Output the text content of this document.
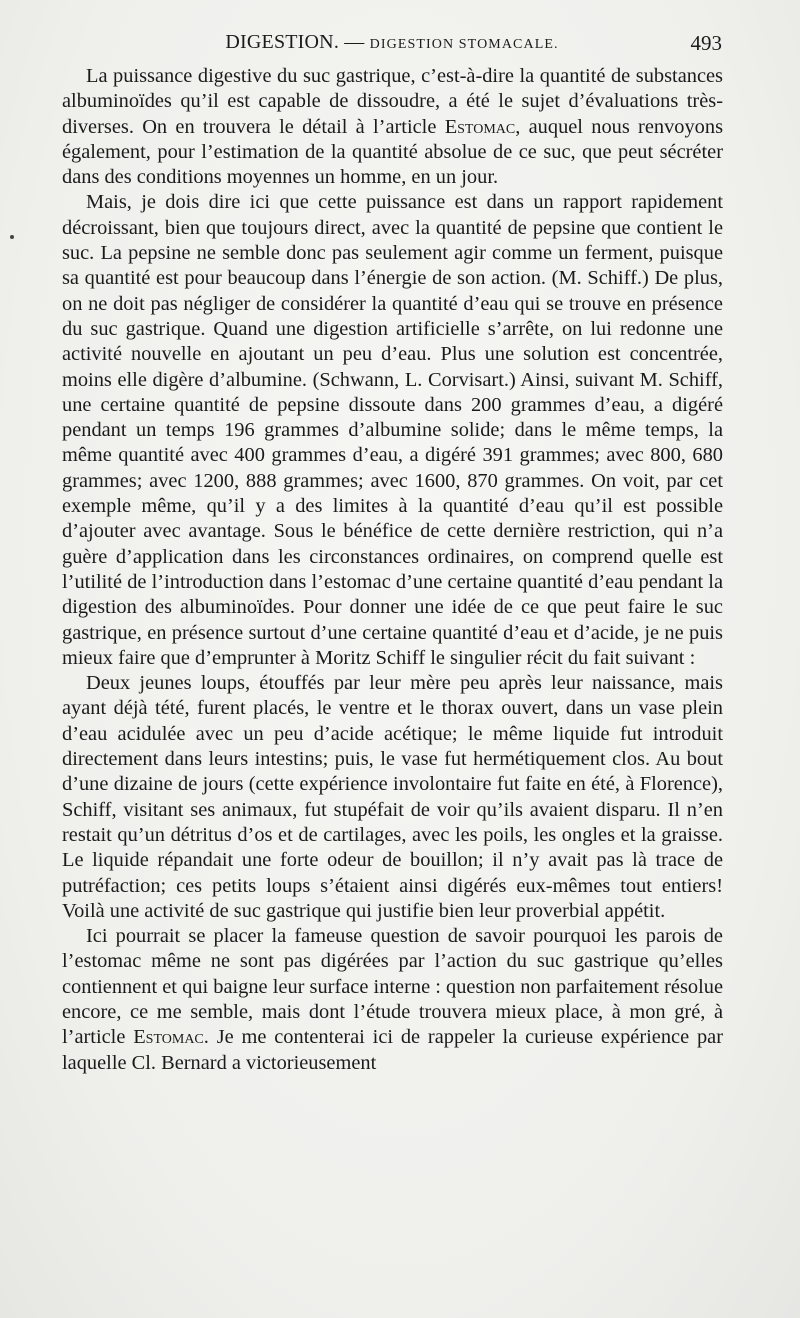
DIGESTION. — DIGESTION STOMACALE.	493

La puissance digestive du suc gastrique, c’est-à-dire la quantité de substances albuminoïdes qu’il est capable de dissoudre, a été le sujet d’évaluations très-diverses. On en trouvera le détail à l’article Estomac, auquel nous renvoyons également, pour l’estimation de la quantité absolue de ce suc, que peut sécréter dans des conditions moyennes un homme, en un jour.

Mais, je dois dire ici que cette puissance est dans un rapport rapidement décroissant, bien que toujours direct, avec la quantité de pepsine que contient le suc. La pepsine ne semble donc pas seulement agir comme un ferment, puisque sa quantité est pour beaucoup dans l’énergie de son action. (M. Schiff.) De plus, on ne doit pas négliger de considérer la quantité d’eau qui se trouve en présence du suc gastrique. Quand une digestion artificielle s’arrête, on lui redonne une activité nouvelle en ajoutant un peu d’eau. Plus une solution est concentrée, moins elle digère d’albumine. (Schwann, L. Corvisart.) Ainsi, suivant M. Schiff, une certaine quantité de pepsine dissoute dans 200 grammes d’eau, a digéré pendant un temps 196 grammes d’albumine solide; dans le même temps, la même quantité avec 400 grammes d’eau, a digéré 391 grammes; avec 800, 680 grammes; avec 1200, 888 grammes; avec 1600, 870 grammes. On voit, par cet exemple même, qu’il y a des limites à la quantité d’eau qu’il est possible d’ajouter avec avantage. Sous le bénéfice de cette dernière restriction, qui n’a guère d’application dans les circonstances ordinaires, on comprend quelle est l’utilité de l’introduction dans l’estomac d’une certaine quantité d’eau pendant la digestion des albuminoïdes. Pour donner une idée de ce que peut faire le suc gastrique, en présence surtout d’une certaine quantité d’eau et d’acide, je ne puis mieux faire que d’emprunter à Moritz Schiff le singulier récit du fait suivant :

Deux jeunes loups, étouffés par leur mère peu après leur naissance, mais ayant déjà tété, furent placés, le ventre et le thorax ouvert, dans un vase plein d’eau acidulée avec un peu d’acide acétique; le même liquide fut introduit directement dans leurs intestins; puis, le vase fut hermétiquement clos. Au bout d’une dizaine de jours (cette expérience involontaire fut faite en été, à Florence), Schiff, visitant ses animaux, fut stupéfait de voir qu’ils avaient disparu. Il n’en restait qu’un détritus d’os et de cartilages, avec les poils, les ongles et la graisse. Le liquide répandait une forte odeur de bouillon; il n’y avait pas là trace de putréfaction; ces petits loups s’étaient ainsi digérés eux-mêmes tout entiers! Voilà une activité de suc gastrique qui justifie bien leur proverbial appétit.

Ici pourrait se placer la fameuse question de savoir pourquoi les parois de l’estomac même ne sont pas digérées par l’action du suc gastrique qu’elles contiennent et qui baigne leur surface interne : question non parfaitement résolue encore, ce me semble, mais dont l’étude trouvera mieux place, à mon gré, à l’article Estomac. Je me contenterai ici de rappeler la curieuse expérience par laquelle Cl. Bernard a victorieusement
